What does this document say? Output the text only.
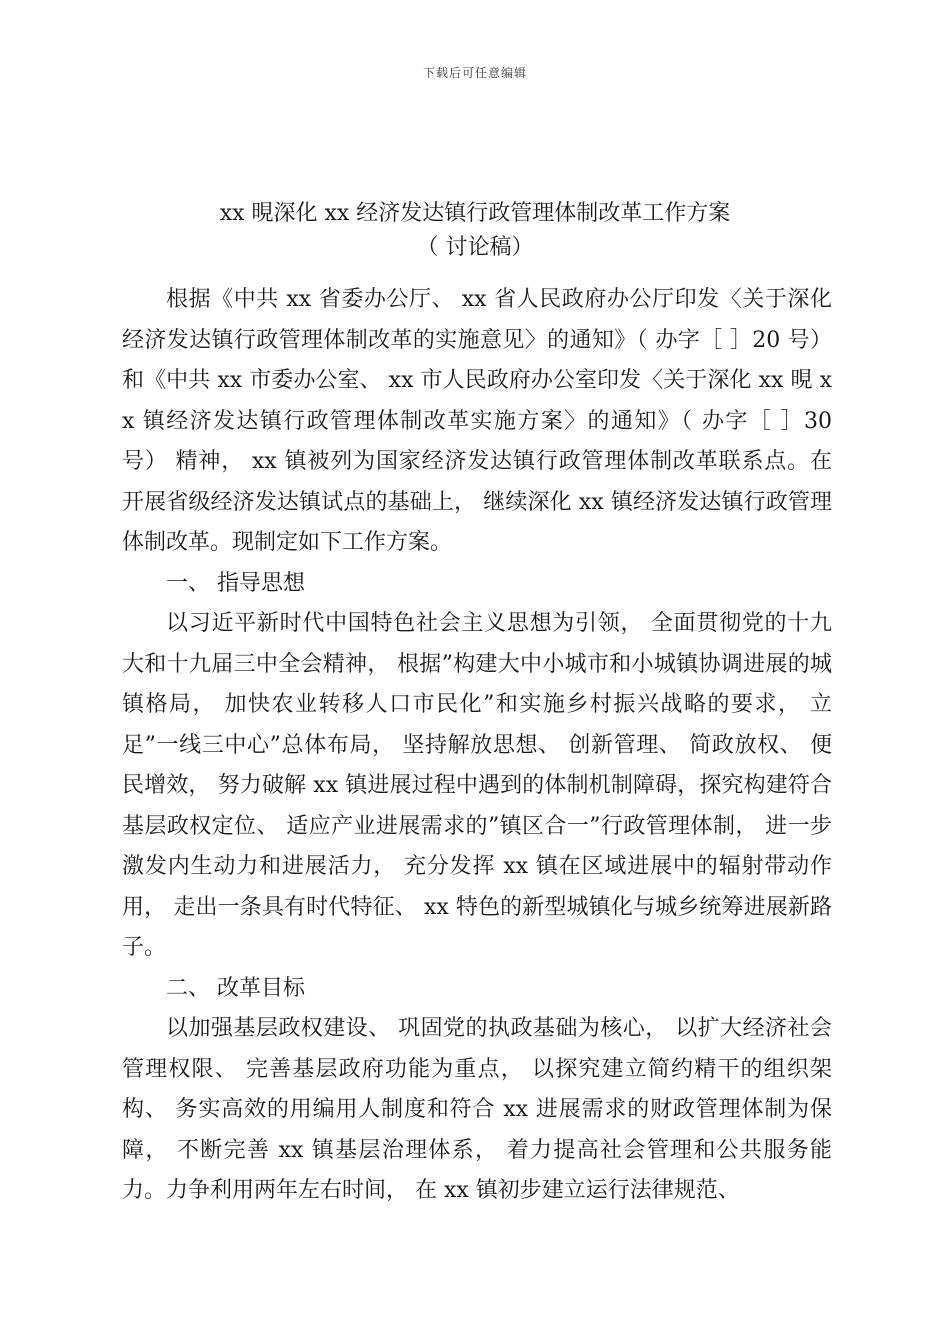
下载后可任意编辑
xx 晛深化 xx 经济发达镇行政管理体制改革工作方案
（ 讨论稿）

根据《中共 xx 省委办公厅、 xx 省人民政府办公厅印发〈关于深化经济发达镇行政管理体制改革的实施意见〉的通知》（ 办字［ ］20 号）和《中共 xx 市委办公室、 xx 市人民政府办公室印发〈关于深化 xx 晛 xx 镇经济发达镇行政管理体制改革实施方案〉的通知》（ 办字［ ］30 号） 精神， xx 镇被列为国家经济发达镇行政管理体制改革联系点。在 开展省级经济发达镇试点的基础上， 继续深化 xx 镇经济发达镇行政管理体制改革。现制定如下工作方案。

一、 指导思想

以习近平新时代中国特色社会主义思想为引领， 全面贯彻党的十九大和十九届三中全会精神， 根据”构建大中小城市和小城镇协调进展的城镇格局， 加快农业转移人口市民化”和实施乡村振兴战略的要求， 立足”一线三中心”总体布局， 坚持解放思想、 创新管理、 简政放权、 便民增效， 努力破解 xx 镇进展过程中遇到的体制机制障碍，探究构建符合基层政权定位、 适应产业进展需求的”镇区合一”行政管理体制， 进一步激发内生动力和进展活力， 充分发挥 xx 镇在区域进展中的辐射带动作用， 走出一条具有时代特征、 xx 特色的新型城镇化与城乡统筹进展新路子。

二、 改革目标

以加强基层政权建设、 巩固党的执政基础为核心， 以扩大经济社会管理权限、 完善基层政府功能为重点， 以探究建立简约精干的组织架构、 务实高效的用编用人制度和符合 xx 进展需求的财政管理体制为保障， 不断完善 xx 镇基层治理体系， 着力提高社会管理和公共服务能力。力争利用两年左右时间， 在 xx 镇初步建立运行法律规范、
